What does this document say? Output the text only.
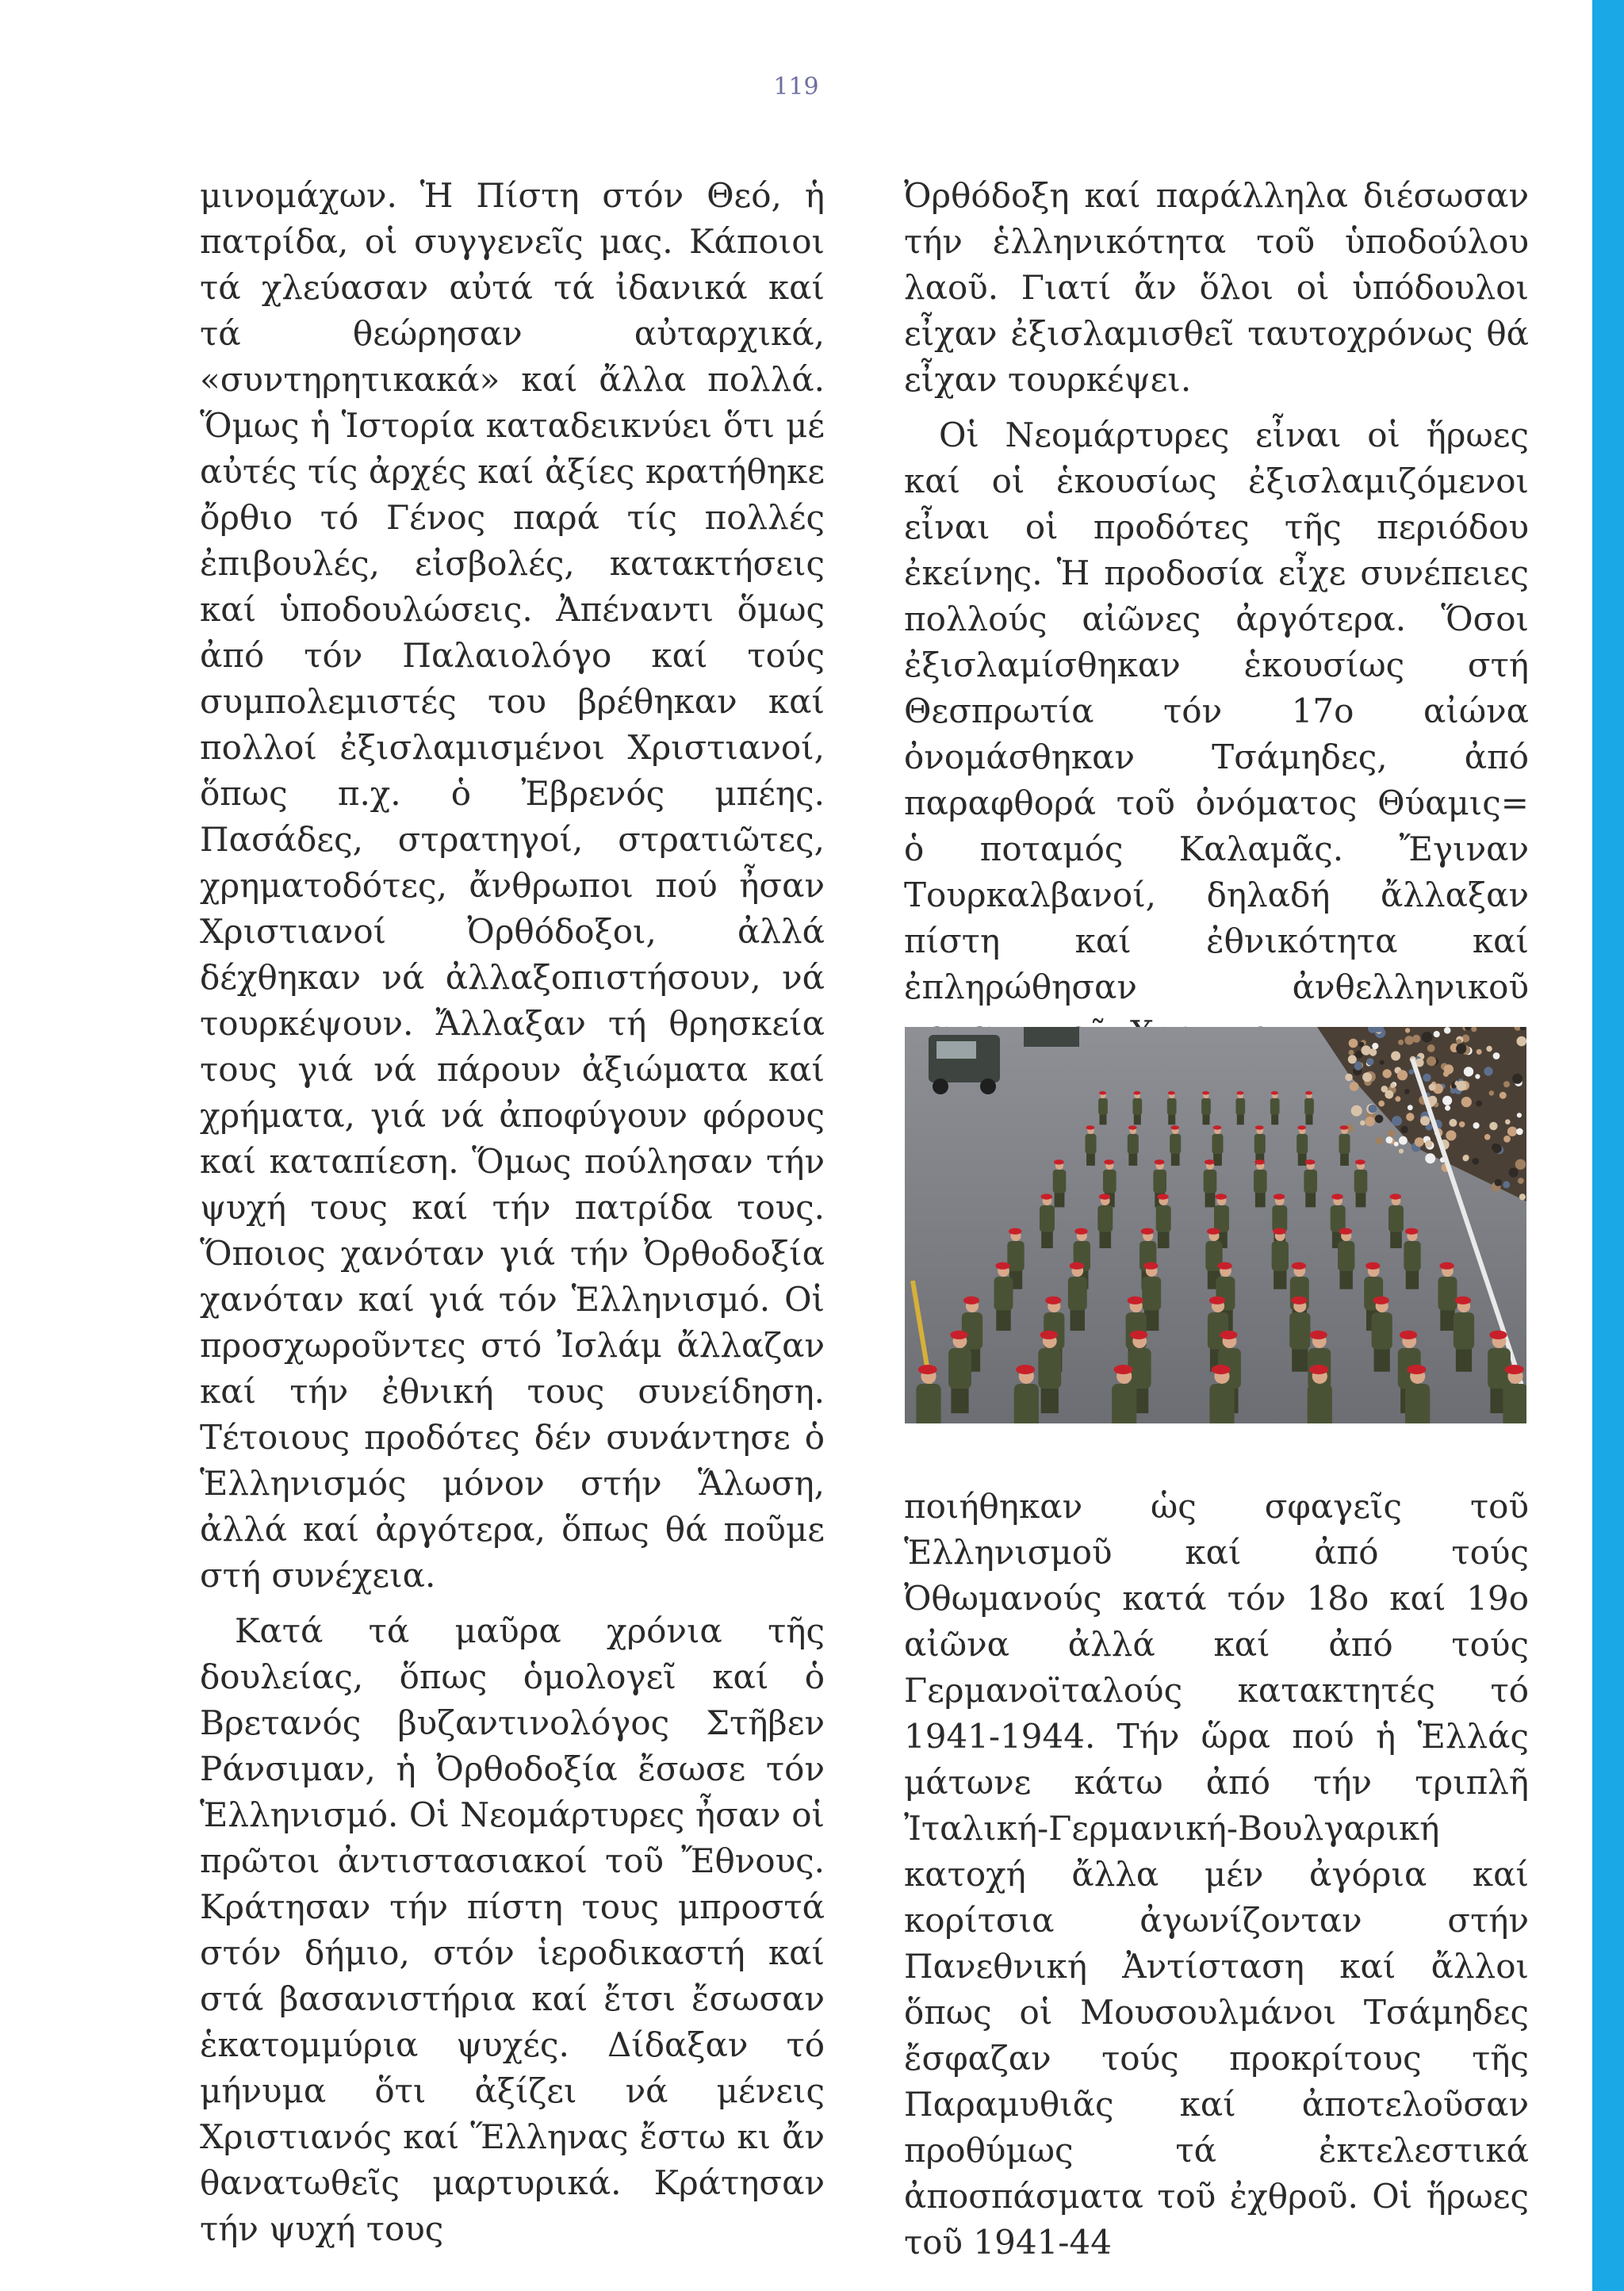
119

μινομάχων. Ἡ Πίστη στόν Θεό, ἡ πατρίδα, οἱ συγγενεῖς μας. Κάποιοι τά χλεύασαν αὐτά τά ἰδανικά καί τά θεώρησαν αὐταρχικά, «συντηρητικακά» καί ἄλλα πολλά. Ὅμως ἡ Ἱστορία καταδεικνύει ὅτι μέ αὐτές τίς ἀρχές καί ἀξίες κρατήθηκε ὄρθιο τό Γένος παρά τίς πολλές ἐπιβουλές, εἰσβολές, κατακτήσεις καί ὑποδουλώσεις. Ἀπέναντι ὅμως ἀπό τόν Παλαιολόγο καί τούς συμπολεμιστές του βρέθηκαν καί πολλοί ἐξισλαμισμένοι Χριστιανοί, ὅπως π.χ. ὁ Ἐβρενός μπέης. Πασάδες, στρατηγοί, στρατιῶτες, χρηματοδότες, ἄνθρωποι πού ἦσαν Χριστιανοί Ὀρθόδοξοι, ἀλλά δέχθηκαν νά ἀλλαξοπιστήσουν, νά τουρκέψουν. Ἄλλαξαν τή θρησκεία τους γιά νά πάρουν ἀξιώματα καί χρήματα, γιά νά ἀποφύγουν φόρους καί καταπίεση. Ὅμως πούλησαν τήν ψυχή τους καί τήν πατρίδα τους. Ὅποιος χανόταν γιά τήν Ὀρθοδοξία χανόταν καί γιά τόν Ἑλληνισμό. Οἱ προσχωροῦντες στό Ἰσλάμ ἄλλαζαν καί τήν ἐθνική τους συνείδηση. Τέτοιους προδότες δέν συνάντησε ὁ Ἑλληνισμός μόνον στήν Ἅλωση, ἀλλά καί ἀργότερα, ὅπως θά ποῦμε στή συνέχεια.

Κατά τά μαῦρα χρόνια τῆς δουλείας, ὅπως ὁμολογεῖ καί ὁ Βρετανός βυζαντινολόγος Στῆβεν Ράνσιμαν, ἡ Ὀρθοδοξία ἔσωσε τόν Ἑλληνισμό. Οἱ Νεομάρτυρες ἦσαν οἱ πρῶτοι ἀντιστασιακοί τοῦ Ἔθνους. Κράτησαν τήν πίστη τους μπροστά στόν δήμιο, στόν ἱεροδικαστή καί στά βασανιστήρια καί ἔτσι ἔσωσαν ἑκατομμύρια ψυχές. Δίδαξαν τό μήνυμα ὅτι ἀξίζει νά μένεις Χριστιανός καί Ἕλληνας ἔστω κι ἄν θανατωθεῖς μαρτυρικά. Κράτησαν τήν ψυχή τους

Ὀρθόδοξη καί παράλληλα διέσωσαν τήν ἑλληνικότητα τοῦ ὑποδούλου λαοῦ. Γιατί ἄν ὅλοι οἱ ὑπόδουλοι εἶχαν ἐξισλαμισθεῖ ταυτοχρόνως θά εἶχαν τουρκέψει.

Οἱ Νεομάρτυρες εἶναι οἱ ἥρωες καί οἱ ἑκουσίως ἐξισλαμιζόμενοι εἶναι οἱ προδότες τῆς περιόδου ἐκείνης. Ἡ προδοσία εἶχε συνέπειες πολλούς αἰῶνες ἀργότερα. Ὅσοι ἐξισλαμίσθηκαν ἑκουσίως στή Θεσπρωτία τόν 17ο αἰώνα ὀνομάσθηκαν Τσάμηδες, ἀπό παραφθορά τοῦ ὀνόματος Θύαμις= ὁ ποταμός Καλαμᾶς. Ἔγιναν Τουρκαλβανοί, δηλαδή ἄλλαξαν πίστη καί ἐθνικότητα καί ἐπληρώθησαν ἀνθελληνικοῦ

ποιήθηκαν ὡς σφαγεῖς τοῦ Ἑλληνισμοῦ καί ἀπό τούς Ὀθωμανούς κατά τόν 18ο καί 19ο αἰῶνα ἀλλά καί ἀπό τούς Γερμανοϊταλούς κατακτητές τό 1941-1944. Τήν ὥρα πού ἡ Ἑλλάς μάτωνε κάτω ἀπό τήν τριπλῆ Ἰταλική-Γερμανική-Βουλγαρική κατοχή ἄλλα μέν ἀγόρια καί κορίτσια ἀγωνίζονταν στήν Πανεθνική Ἀντίσταση καί ἄλλοι ὅπως οἱ Μουσουλμάνοι Τσάμηδες ἔσφαζαν τούς προκρίτους τῆς Παραμυθιᾶς καί ἀποτελοῦσαν προθύμως τά ἐκτελεστικά ἀποσπάσματα τοῦ ἐχθροῦ. Οἱ ἥρωες τοῦ 1941-44
